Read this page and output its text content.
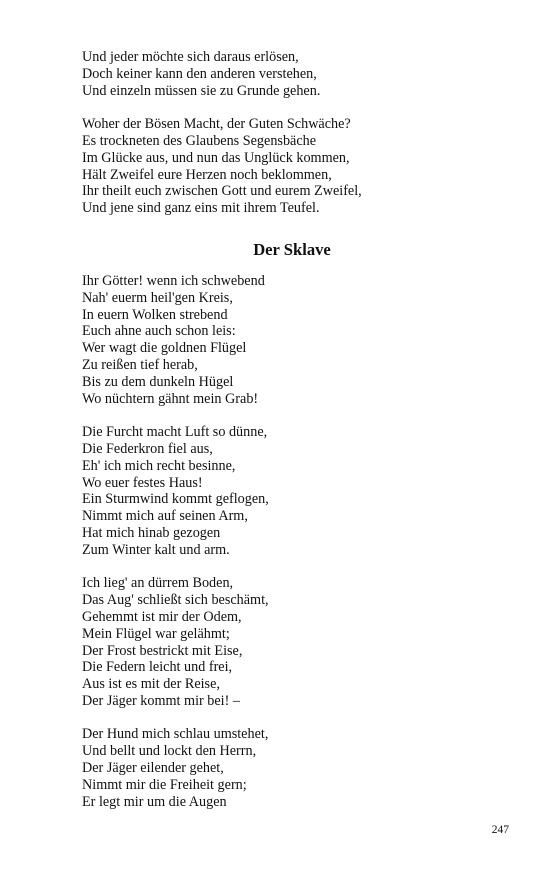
Und jeder möchte sich daraus erlösen,
Doch keiner kann den anderen verstehen,
Und einzeln müssen sie zu Grunde gehen.
Woher der Bösen Macht, der Guten Schwäche?
Es trockneten des Glaubens Segensbäche
Im Glücke aus, und nun das Unglück kommen,
Hält Zweifel eure Herzen noch beklommen,
Ihr theilt euch zwischen Gott und eurem Zweifel,
Und jene sind ganz eins mit ihrem Teufel.
Der Sklave
Ihr Götter! wenn ich schwebend
Nah' euerm heil'gen Kreis,
In euern Wolken strebend
Euch ahne auch schon leis:
Wer wagt die goldnen Flügel
Zu reißen tief herab,
Bis zu dem dunkeln Hügel
Wo nüchtern gähnt mein Grab!
Die Furcht macht Luft so dünne,
Die Federkron fiel aus,
Eh' ich mich recht besinne,
Wo euer festes Haus!
Ein Sturmwind kommt geflogen,
Nimmt mich auf seinen Arm,
Hat mich hinab gezogen
Zum Winter kalt und arm.
Ich lieg' an dürrem Boden,
Das Aug' schließt sich beschämt,
Gehemmt ist mir der Odem,
Mein Flügel war gelähmt;
Der Frost bestrickt mit Eise,
Die Federn leicht und frei,
Aus ist es mit der Reise,
Der Jäger kommt mir bei! –
Der Hund mich schlau umstehet,
Und bellt und lockt den Herrn,
Der Jäger eilender gehet,
Nimmt mir die Freiheit gern;
Er legt mir um die Augen
247
